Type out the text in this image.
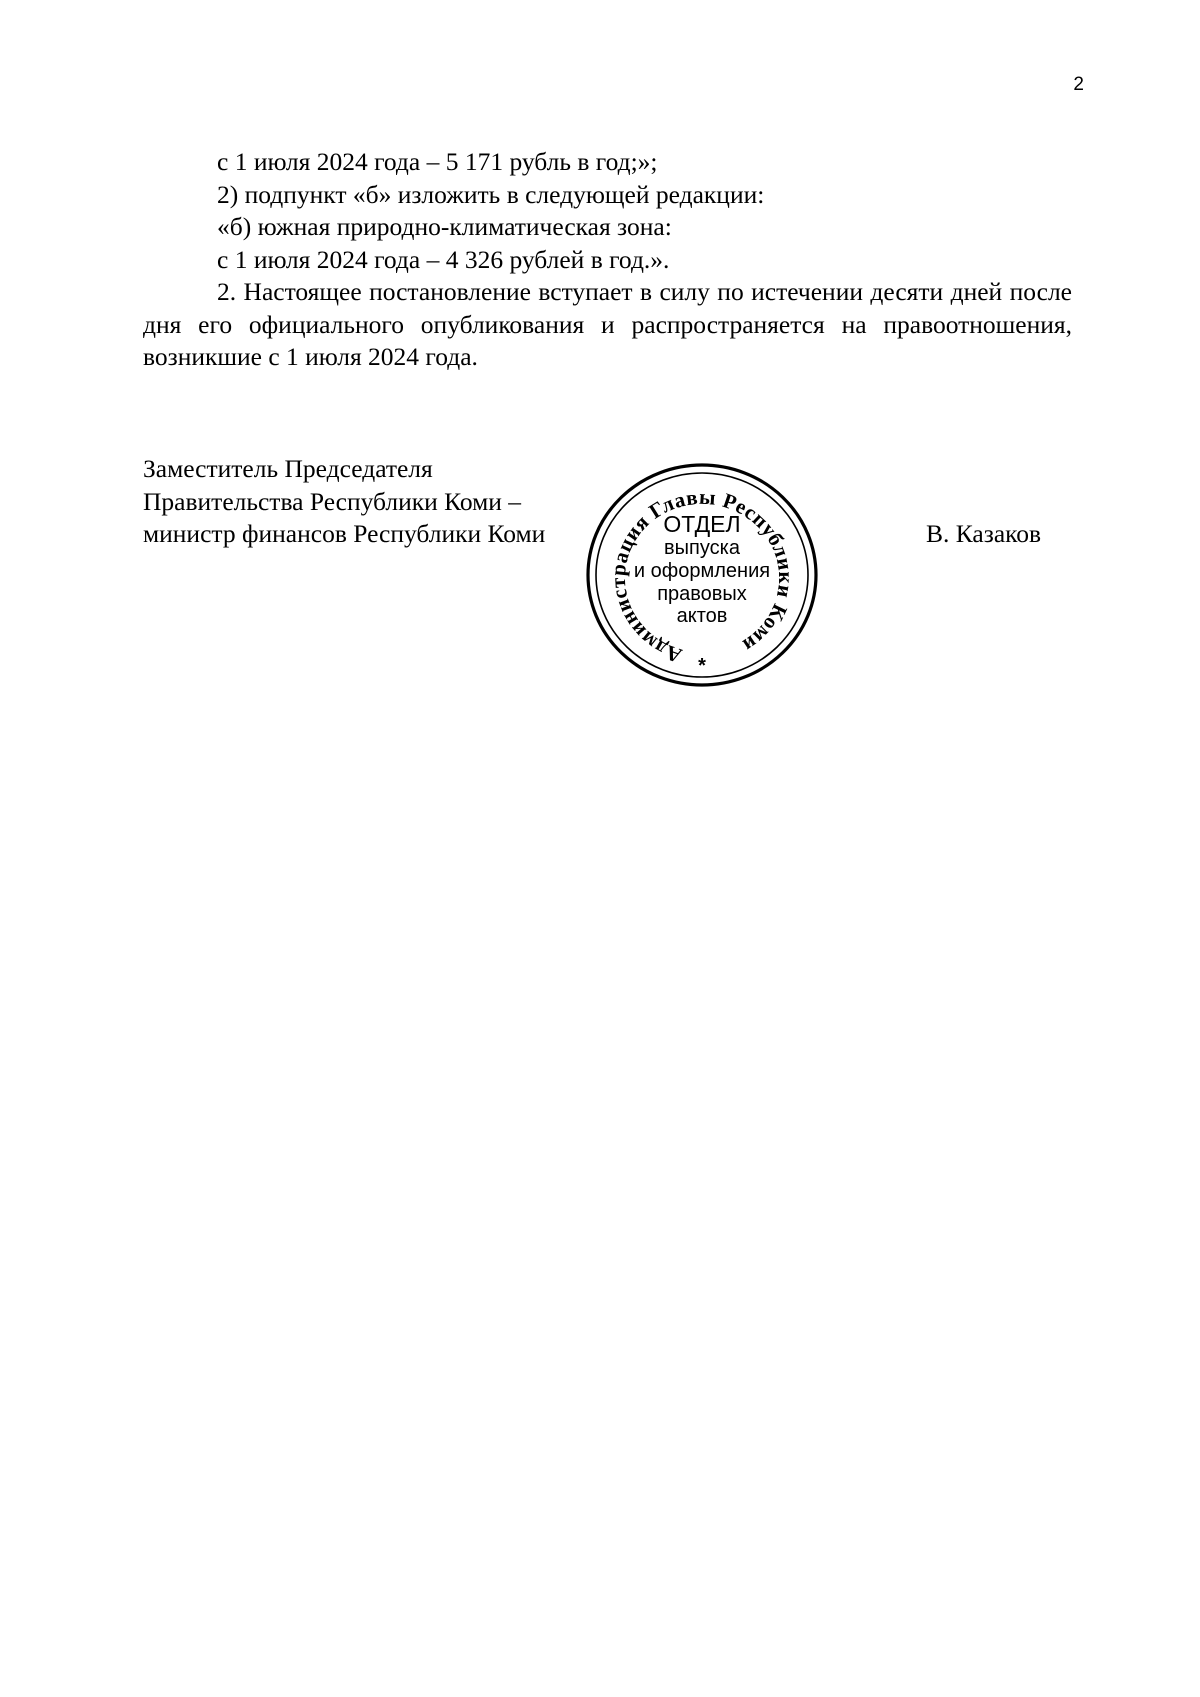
2

с 1 июля 2024 года – 5 171 рубль в год;»;

2) подпункт «б» изложить в следующей редакции:

«б) южная природно-климатическая зона:

с 1 июля 2024 года – 4 326 рублей в год.».

2. Настоящее постановление вступает в силу по истечении десяти дней после дня его официального опубликования и распространяется на правоотношения, возникшие с 1 июля 2024 года.

Заместитель Председателя
Правительства Республики Коми –
министр финансов Республики Коми	В. Казаков
Администрация Главы Республики Коми
ОТДЕЛ
выпуска
и оформления
правовых
актов
*
